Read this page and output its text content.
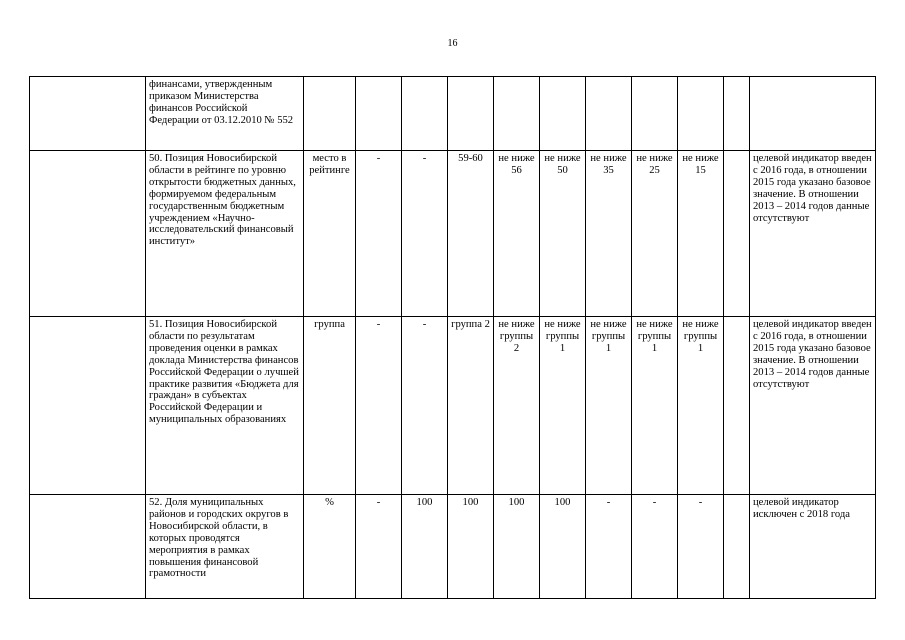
16
	финансами, утвержденным приказом Министерства финансов Российской Федерации от 03.12.2010 № 552											
	50. Позиция Новосибирской области в рейтинге по уровню открытости бюджетных данных, формируемом федеральным государственным бюджетным учреждением «Научно-исследовательский финансовый институт»	место в рейтинге	-	-	59-60	не ниже 56	не ниже 50	не ниже 35	не ниже 25	не ниже 15		целевой индикатор введен с 2016 года, в отношении 2015 года указано базовое значение. В отношении 2013 – 2014 годов данные отсутствуют
	51. Позиция Новосибирской области по результатам проведения оценки в рамках доклада Министерства финансов Российской Федерации о лучшей практике развития «Бюджета для граждан» в субъектах Российской Федерации и муниципальных образованиях	группа	-	-	группа 2	не ниже группы 2	не ниже группы 1	не ниже группы 1	не ниже группы 1	не ниже группы 1		целевой индикатор введен с 2016 года, в отношении 2015 года указано базовое значение. В отношении 2013 – 2014 годов данные отсутствуют
	52. Доля муниципальных районов и городских округов в Новосибирской области, в которых проводятся мероприятия в рамках повышения финансовой грамотности	%	-	100	100	100	100	-	-	-		целевой индикатор исключен с 2018 года
